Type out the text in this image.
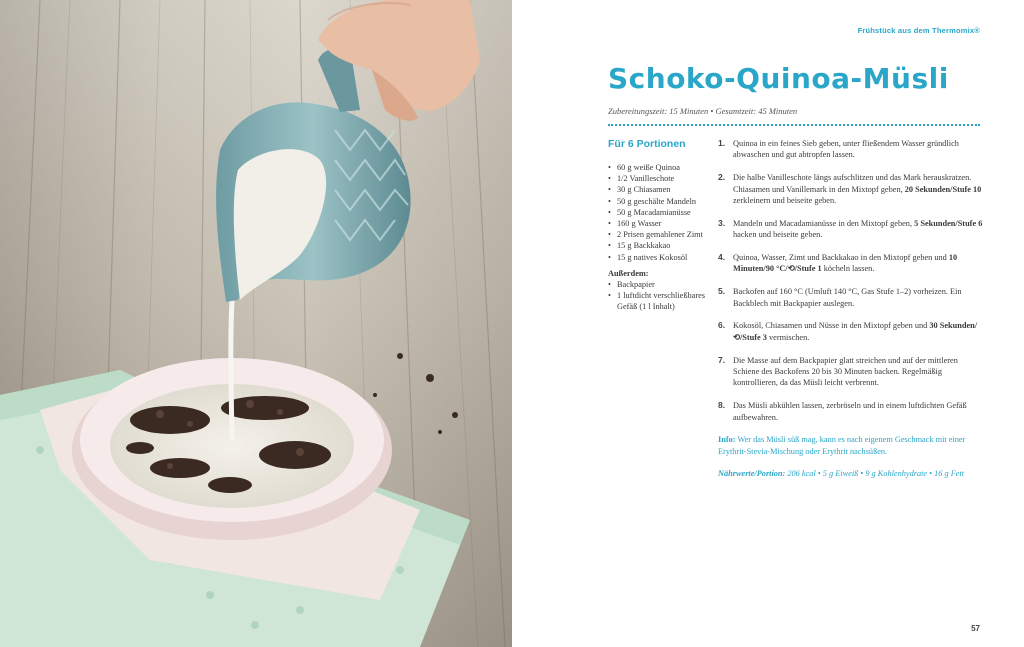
Frühstück aus dem Thermomix®
Schoko-Quinoa-Müsli
Zubereitungszeit: 15 Minuten • Gesamtzeit: 45 Minuten
Für 6 Portionen
• 60 g weiße Quinoa
• 1/2 Vanilleschote
• 30 g Chiasamen
• 50 g geschälte Mandeln
• 50 g Macadamianüsse
• 160 g Wasser
• 2 Prisen gemahlener Zimt
• 15 g Backkakao
• 15 g natives Kokosöl
Außerdem:
• Backpapier
• 1 luftdicht verschließbares Gefäß (1 l Inhalt)

1. Quinoa in ein feines Sieb geben, unter fließendem Wasser gründlich abwaschen und gut abtropfen lassen.

2. Die halbe Vanilleschote längs aufschlitzen und das Mark herauskratzen. Chiasamen und Vanillemark in den Mixtopf geben, 20 Sekunden/Stufe 10 zerkleinern und beiseite geben.

3. Mandeln und Macadamianüsse in den Mixtopf geben, 5 Sekunden/Stufe 6 hacken und beiseite geben.

4. Quinoa, Wasser, Zimt und Backkakao in den Mixtopf geben und 10 Minuten/90 °C/⟲/Stufe 1 köcheln lassen.

5. Backofen auf 160 °C (Umluft 140 °C, Gas Stufe 1–2) vorheizen. Ein Backblech mit Backpapier auslegen.

6. Kokosöl, Chiasamen und Nüsse in den Mixtopf geben und 30 Sekunden/⟲/Stufe 3 vermischen.

7. Die Masse auf dem Backpapier glatt streichen und auf der mittleren Schiene des Backofens 20 bis 30 Minuten backen. Regelmäßig kontrollieren, da das Müsli leicht verbrennt.

8. Das Müsli abkühlen lassen, zerbröseln und in einem luftdichten Gefäß aufbewahren.

Info: Wer das Müsli süß mag, kann es nach eigenem Geschmack mit einer Erythrit-Stevia-Mischung oder Erythrit nachsüßen.

Nährwerte/Portion: 206 kcal • 5 g Eiweiß • 9 g Kohlenhydrate • 16 g Fett

57
